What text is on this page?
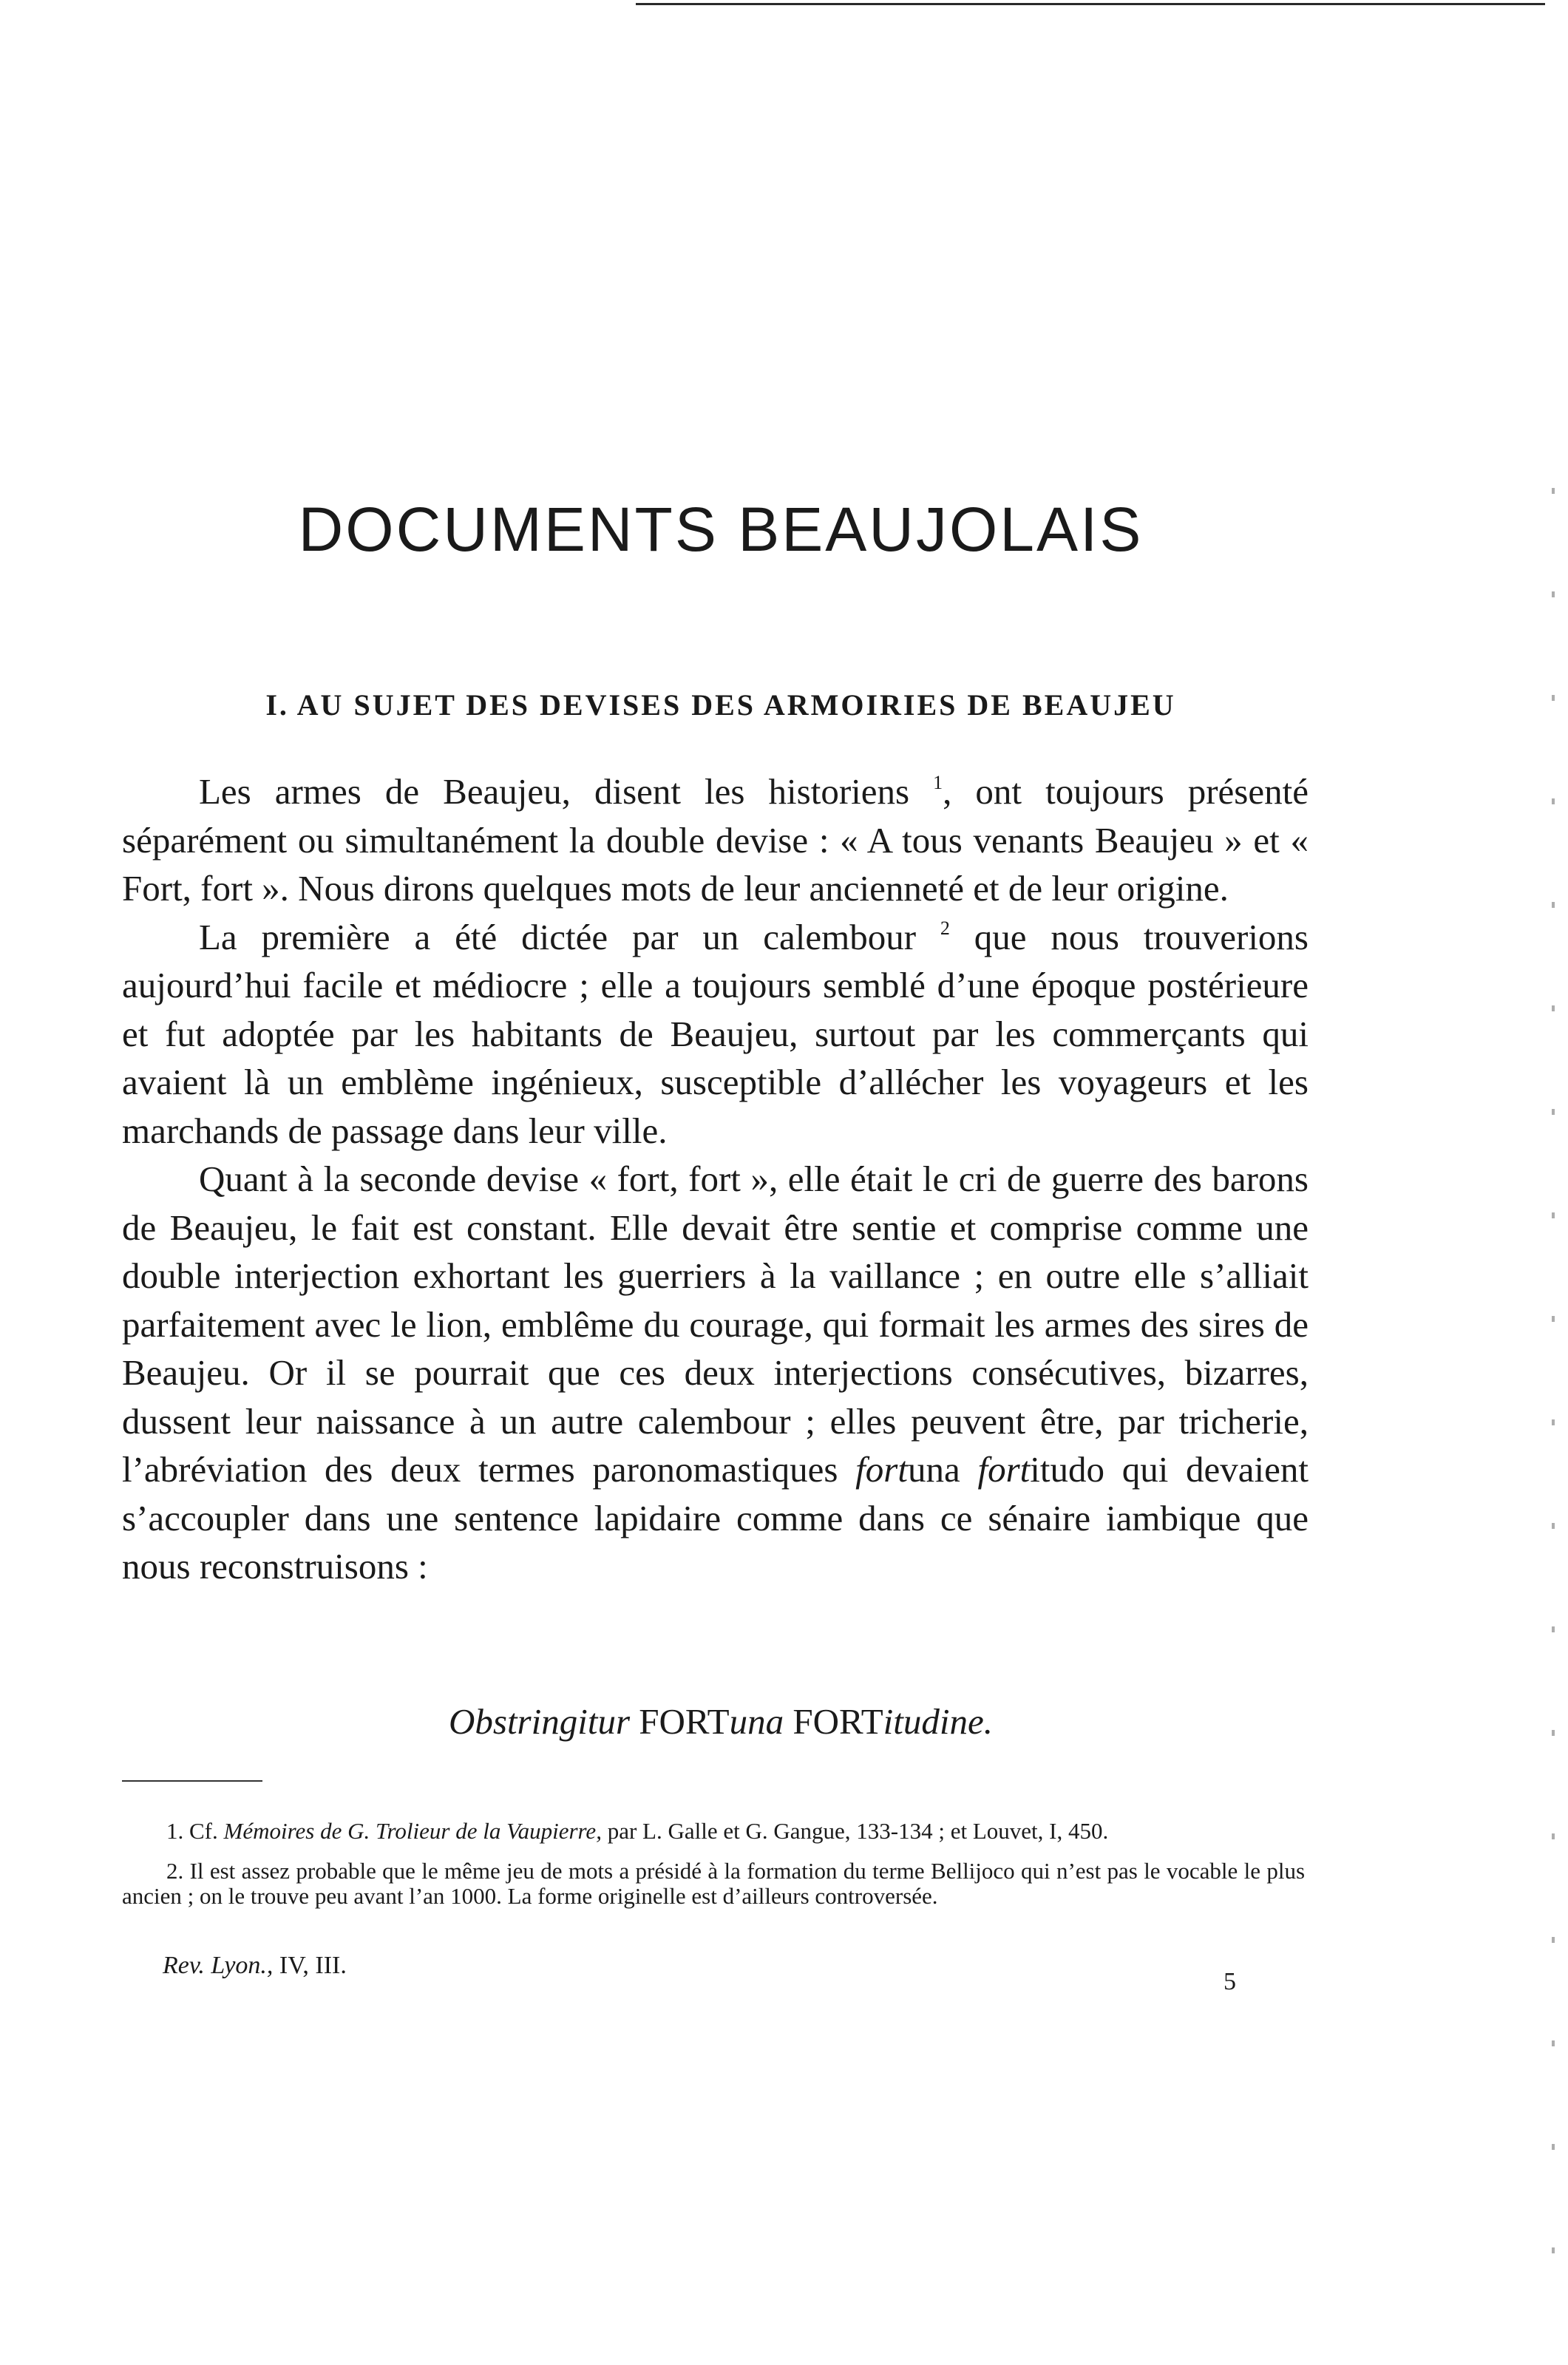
DOCUMENTS BEAUJOLAIS
I. AU SUJET DES DEVISES DES ARMOIRIES DE BEAUJEU

Les armes de Beaujeu, disent les historiens $^1$, ont toujours présenté séparément ou simultanément la double devise : « A tous venants Beaujeu » et « Fort, fort ». Nous dirons quelques mots de leur ancienneté et de leur origine.

La première a été dictée par un calembour $^2$ que nous trouverions aujourd’hui facile et médiocre ; elle a toujours semblé d’une époque postérieure et fut adoptée par les habitants de Beaujeu, surtout par les commerçants qui avaient là un emblème ingénieux, susceptible d’allécher les voyageurs et les marchands de passage dans leur ville.

Quant à la seconde devise « fort, fort », elle était le cri de guerre des barons de Beaujeu, le fait est constant. Elle devait être sentie et comprise comme une double interjection exhortant les guerriers à la vaillance ; en outre elle s’alliait parfaitement avec le lion, emblême du courage, qui formait les armes des sires de Beaujeu. Or il se pourrait que ces deux interjections consécutives, bizarres, dussent leur naissance à un autre calembour ; elles peuvent être, par tricherie, l’abréviation des deux termes paronomastiques fortuna fortitudo qui devaient s’accoupler dans une sentence lapidaire comme dans ce sénaire iambique que nous reconstruisons :

Obstringitur FORTuna FORTitudine.

1. Cf. Mémoires de G. Trolieur de la Vaupierre, par L. Galle et G. Gangue, 133-134 ; et Louvet, I, 450.

2. Il est assez probable que le même jeu de mots a présidé à la formation du terme Bellijoco qui n’est pas le vocable le plus ancien ; on le trouve peu avant l’an 1000. La forme originelle est d’ailleurs controversée.

Rev. Lyon., IV, III.
5
